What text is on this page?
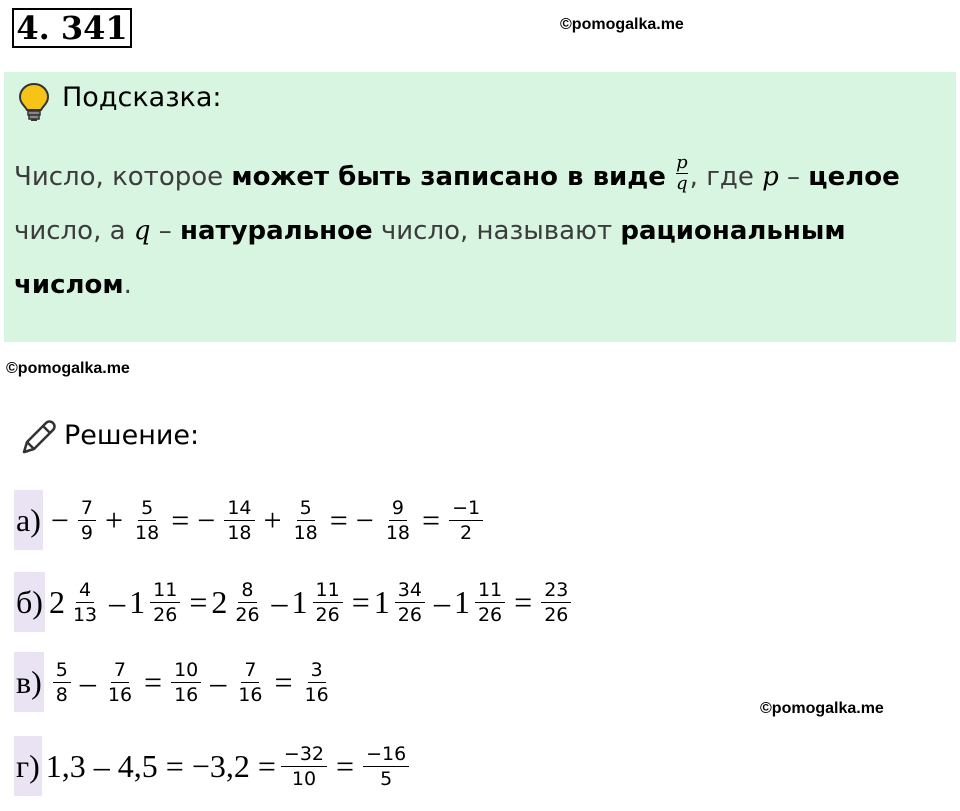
4. 341	©pomogalka.me
Подсказка:
Число, которое может быть записано в виде $\frac{p}{q}$ , где p – целое
число, а q – натуральное число, называют рациональным числом.
©pomogalka.me
Решение:
$а) - \frac{7}{9} + \frac{5}{18}$ = − $\frac{14}{18} + \frac{5}{18}$ = − $\frac{9}{18} = \frac{-1}{2}$
б) $2 \frac{4}{13} - 1 \frac{11}{26} = 2 \frac{8}{26} - 1 \frac{11}{26} = 1 \frac{34}{26} - 1 \frac{11}{26} = \frac{23}{26}$
$в) \frac{5}{8} - \frac{7}{16} = \frac{10}{16} - \frac{7}{16} = \frac{3}{16}$
©pomogalka.me
г) $1,3 - 4,5 = -3,2 = \frac{-32}{10} = \frac{-16}{5}$
